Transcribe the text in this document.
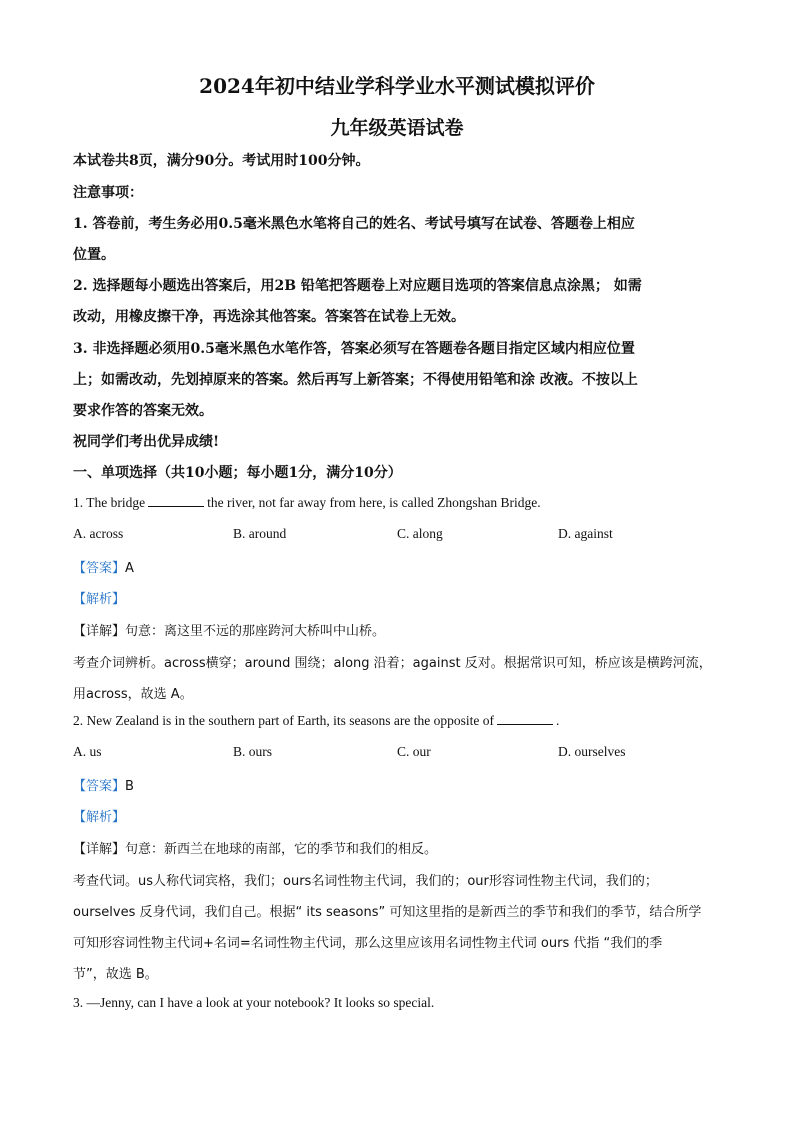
2024年初中结业学科学业水平测试模拟评价
九年级英语试卷
本试卷共8页，满分90分。考试用时100分钟。
注意事项：
1. 答卷前，考生务必用0.5毫米黑色水笔将自己的姓名、考试号填写在试卷、答题卷上相应
位置。
2. 选择题每小题选出答案后，用2B 铅笔把答题卷上对应题目选项的答案信息点涂黑； 如需
改动，用橡皮擦干净，再选涂其他答案。答案答在试卷上无效。
3. 非选择题必须用0.5毫米黑色水笔作答，答案必须写在答题卷各题目指定区域内相应位置
上；如需改动，先划掉原来的答案。然后再写上新答案；不得使用铅笔和涂 改液。不按以上
要求作答的答案无效。
祝同学们考出优异成绩!
一、单项选择（共10小题；每小题1分，满分10分）
1. The bridge	the river, not far away from here, is called Zhongshan Bridge.
A. across	B. around	C. along	D. against
【答案】A
【解析】
【详解】句意：离这里不远的那座跨河大桥叫中山桥。
考查介词辨析。across横穿；around 围绕；along 沿着；against 反对。根据常识可知，桥应该是横跨河流，
用across，故选 A。
2. New Zealand is in the southern part of Earth, its seasons are the opposite of	.
A. us	B. ours	C. our	D. ourselves
【答案】B
【解析】
【详解】句意：新西兰在地球的南部，它的季节和我们的相反。
考查代词。us人称代词宾格，我们；ours名词性物主代词，我们的；our形容词性物主代词，我们的；
ourselves 反身代词，我们自己。根据“ its seasons” 可知这里指的是新西兰的季节和我们的季节，结合所学
可知形容词性物主代词+名词=名词性物主代词，那么这里应该用名词性物主代词 ours 代指 “我们的季
节”，故选 B。
3. —Jenny, can I have a look at your notebook? It looks so special.
